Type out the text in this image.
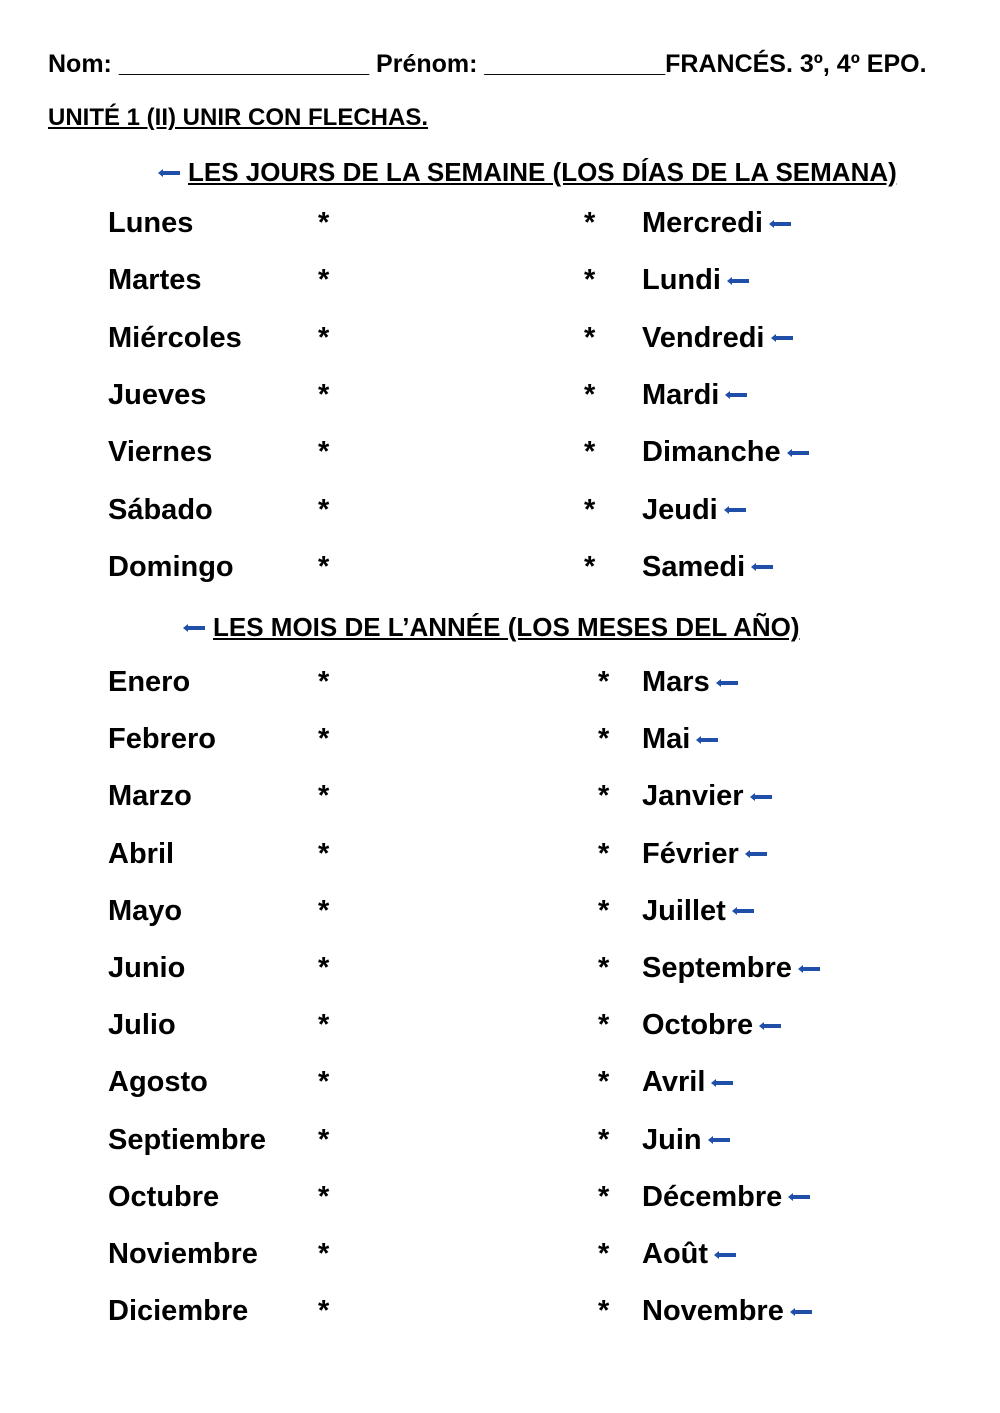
Nom: __________________ Prénom: _____________FRANCÉS. 3º, 4º EPO.
UNITÉ 1 (II) UNIR CON FLECHAS.
LES JOURS DE LA SEMAINE (LOS DÍAS DE LA SEMANA)
Lunes	*	* Mercredi
Martes	*	* Lundi
Miércoles	*	* Vendredi
Jueves	*	* Mardi
Viernes	*	* Dimanche
Sábado	*	* Jeudi
Domingo	*	* Samedi
LES MOIS DE L’ANNÉE (LOS MESES DEL AÑO)
Enero	*	* Mars
Febrero	*	* Mai
Marzo	*	* Janvier
Abril	*	* Février
Mayo	*	* Juillet
Junio	*	* Septembre
Julio	*	* Octobre
Agosto	*	* Avril
Septiembre *	* Juin
Octubre	*	* Décembre
Noviembre *	* Août
Diciembre *	* Novembre
